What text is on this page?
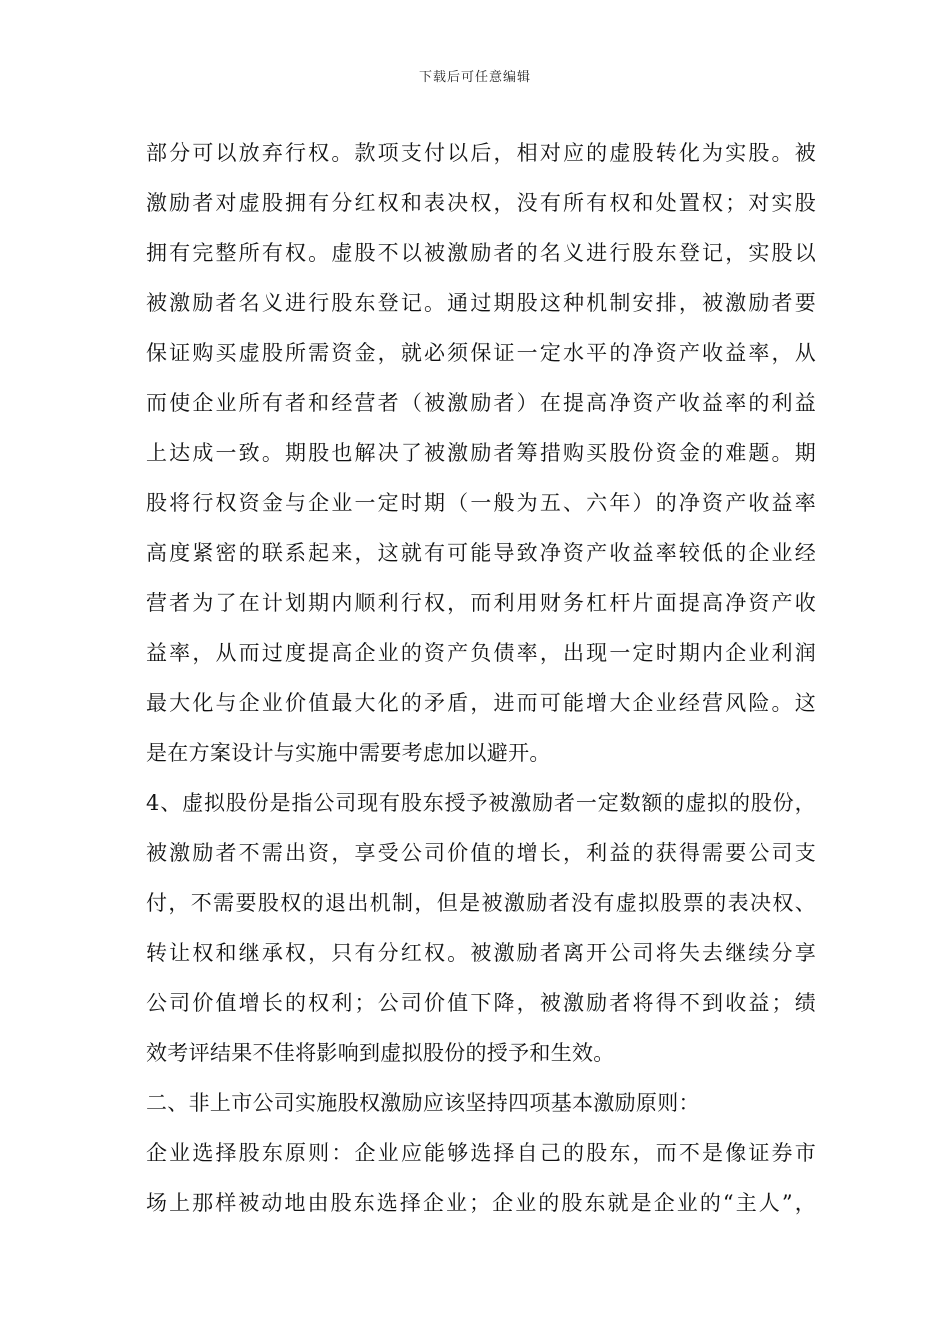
下载后可任意编辑
部分可以放弃行权。款项支付以后，相对应的虚股转化为实股。被
激励者对虚股拥有分红权和表决权，没有所有权和处置权；对实股
拥有完整所有权。虚股不以被激励者的名义进行股东登记，实股以
被激励者名义进行股东登记。通过期股这种机制安排，被激励者要
保证购买虚股所需资金，就必须保证一定水平的净资产收益率，从
而使企业所有者和经营者（被激励者）在提高净资产收益率的利益
上达成一致。期股也解决了被激励者筹措购买股份资金的难题。期
股将行权资金与企业一定时期（一般为五、六年）的净资产收益率
高度紧密的联系起来，这就有可能导致净资产收益率较低的企业经
营者为了在计划期内顺利行权，而利用财务杠杆片面提高净资产收
益率，从而过度提高企业的资产负债率，出现一定时期内企业利润
最大化与企业价值最大化的矛盾，进而可能增大企业经营风险。这
是在方案设计与实施中需要考虑加以避开。
4、虚拟股份是指公司现有股东授予被激励者一定数额的虚拟的股份，
被激励者不需出资，享受公司价值的增长，利益的获得需要公司支
付，不需要股权的退出机制，但是被激励者没有虚拟股票的表决权、
转让权和继承权，只有分红权。被激励者离开公司将失去继续分享
公司价值增长的权利；公司价值下降，被激励者将得不到收益；绩
效考评结果不佳将影响到虚拟股份的授予和生效。
二、非上市公司实施股权激励应该坚持四项基本激励原则：
企业选择股东原则：企业应能够选择自己的股东，而不是像证券市
场上那样被动地由股东选择企业；企业的股东就是企业的“主人”，
